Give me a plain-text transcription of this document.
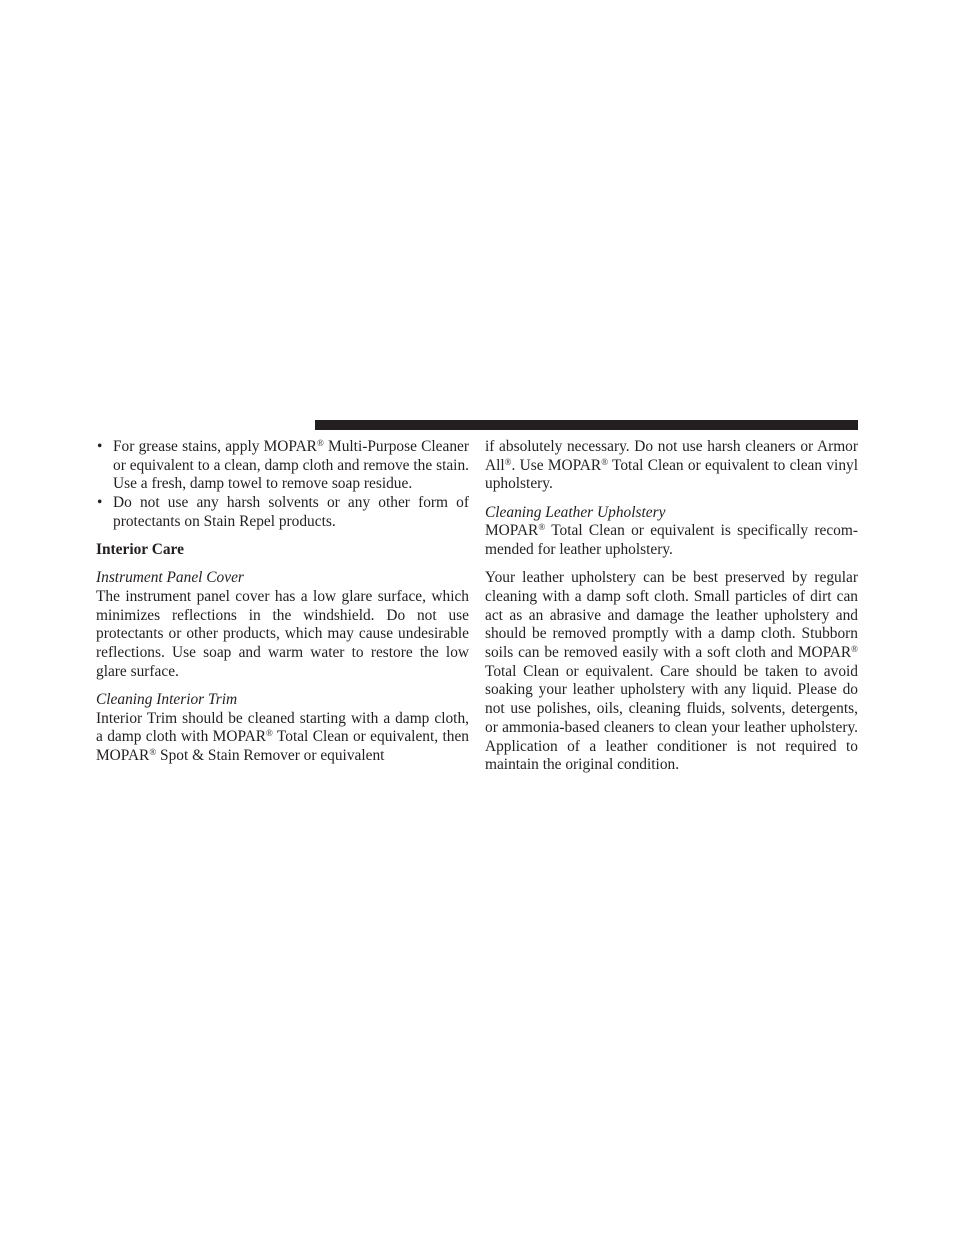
• For grease stains, apply MOPAR® Multi-Purpose Cleaner or equivalent to a clean, damp cloth and remove the stain. Use a fresh, damp towel to remove soap residue.
• Do not use any harsh solvents or any other form of protectants on Stain Repel products.
Interior Care
Instrument Panel Cover

The instrument panel cover has a low glare surface, which minimizes reflections in the windshield. Do not use protectants or other products, which may cause undesirable reflections. Use soap and warm water to restore the low glare surface.

Cleaning Interior Trim

Interior Trim should be cleaned starting with a damp cloth, a damp cloth with MOPAR® Total Clean or equivalent, then MOPAR® Spot & Stain Remover or equivalent

if absolutely necessary. Do not use harsh cleaners or Armor All®. Use MOPAR® Total Clean or equivalent to clean vinyl upholstery.

Cleaning Leather Upholstery

MOPAR® Total Clean or equivalent is specifically recommended for leather upholstery.

Your leather upholstery can be best preserved by regular cleaning with a damp soft cloth. Small particles of dirt can act as an abrasive and damage the leather upholstery and should be removed promptly with a damp cloth. Stubborn soils can be removed easily with a soft cloth and MOPAR® Total Clean or equivalent. Care should be taken to avoid soaking your leather upholstery with any liquid. Please do not use polishes, oils, cleaning fluids, solvents, detergents, or ammonia-based cleaners to clean your leather upholstery. Application of a leather conditioner is not required to maintain the original condition.
